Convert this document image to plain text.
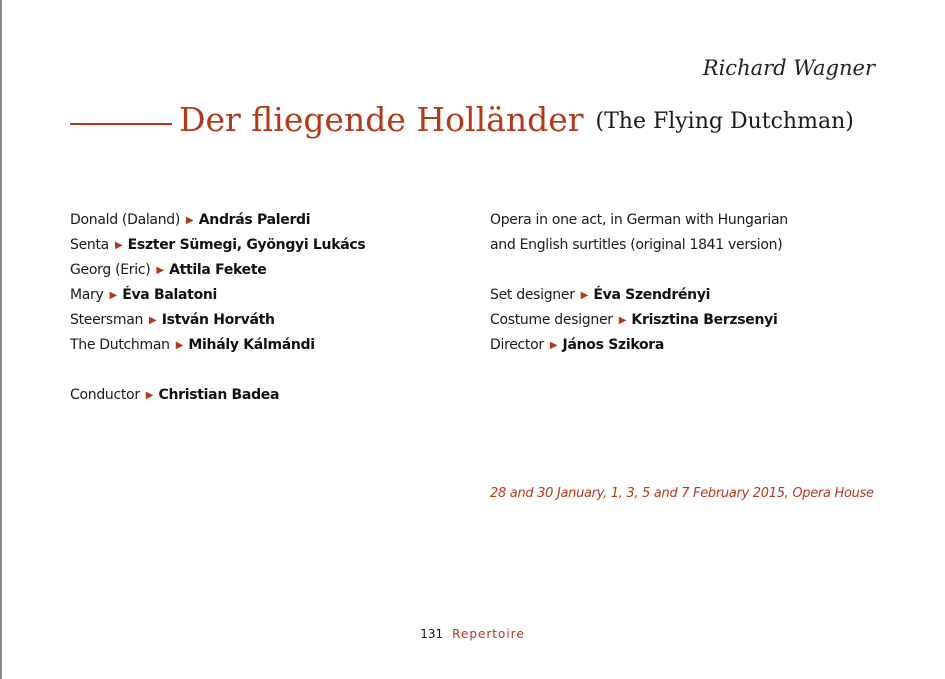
Richard Wagner
Der fliegende Holländer (The Flying Dutchman)
Donald (Daland) ▶ András Palerdi
Senta ▶ Eszter Sümegi, Gyöngyi Lukács
Georg (Eric) ▶ Attila Fekete
Mary ▶ Éva Balatoni
Steersman ▶ István Horváth
The Dutchman ▶ Mihály Kálmándi
Conductor ▶ Christian Badea
Opera in one act, in German with Hungarian
and English surtitles (original 1841 version)
Set designer ▶ Éva Szendrényi
Costume designer ▶ Krisztina Berzsenyi
Director ▶ János Szikora
28 and 30 January, 1, 3, 5 and 7 February 2015, Opera House
131 Repertoire
